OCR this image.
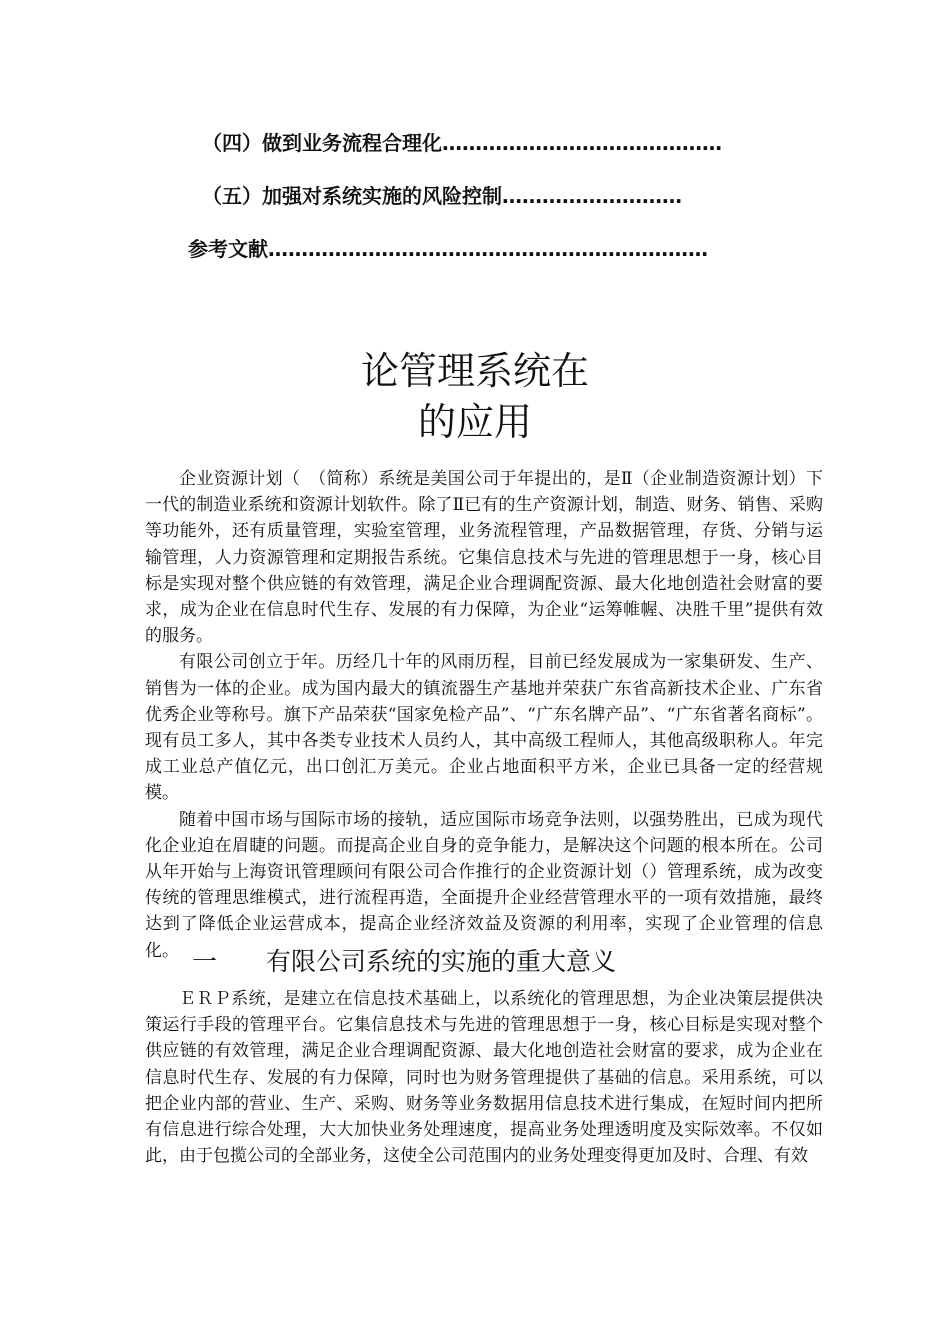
（四）做到业务流程合理化……………………………………
（五）加强对系统实施的风险控制………………………
参考文献…………………………………………………………
论管理系统在
的应用

企业资源计划（　（简称）系统是美国公司于年提出的，是Ⅱ（企业制造资源计划）下一代的制造业系统和资源计划软件。除了Ⅱ已有的生产资源计划，制造、财务、销售、采购等功能外，还有质量管理，实验室管理，业务流程管理，产品数据管理，存货、分销与运输管理，人力资源管理和定期报告系统。它集信息技术与先进的管理思想于一身，核心目标是实现对整个供应链的有效管理，满足企业合理调配资源、最大化地创造社会财富的要求，成为企业在信息时代生存、发展的有力保障，为企业“运筹帷幄、决胜千里”提供有效的服务。

有限公司创立于年。历经几十年的风雨历程，目前已经发展成为一家集研发、生产、销售为一体的企业。成为国内最大的镇流器生产基地并荣获广东省高新技术企业、广东省优秀企业等称号。旗下产品荣获“国家免检产品”、“广东名牌产品”、“广东省著名商标”。现有员工多人，其中各类专业技术人员约人，其中高级工程师人，其他高级职称人。年完成工业总产值亿元，出口创汇万美元。企业占地面积平方米，企业已具备一定的经营规模。

随着中国市场与国际市场的接轨，适应国际市场竞争法则，以强势胜出，已成为现代化企业迫在眉睫的问题。而提高企业自身的竞争能力，是解决这个问题的根本所在。公司从年开始与上海资讯管理顾问有限公司合作推行的企业资源计划（）管理系统，成为改变传统的管理思维模式，进行流程再造，全面提升企业经营管理水平的一项有效措施，最终达到了降低企业运营成本，提高企业经济效益及资源的利用率，实现了企业管理的信息化。 一 有限公司系统的实施的重大意义

ＥＲＰ系统，是建立在信息技术基础上，以系统化的管理思想，为企业决策层提供决策运行手段的管理平台。它集信息技术与先进的管理思想于一身，核心目标是实现对整个供应链的有效管理，满足企业合理调配资源、最大化地创造社会财富的要求，成为企业在信息时代生存、发展的有力保障，同时也为财务管理提供了基础的信息。采用系统，可以把企业内部的营业、生产、采购、财务等业务数据用信息技术进行集成，在短时间内把所有信息进行综合处理，大大加快业务处理速度，提高业务处理透明度及实际效率。不仅如此，由于包揽公司的全部业务，这使全公司范围内的业务处理变得更加及时、合理、有效
